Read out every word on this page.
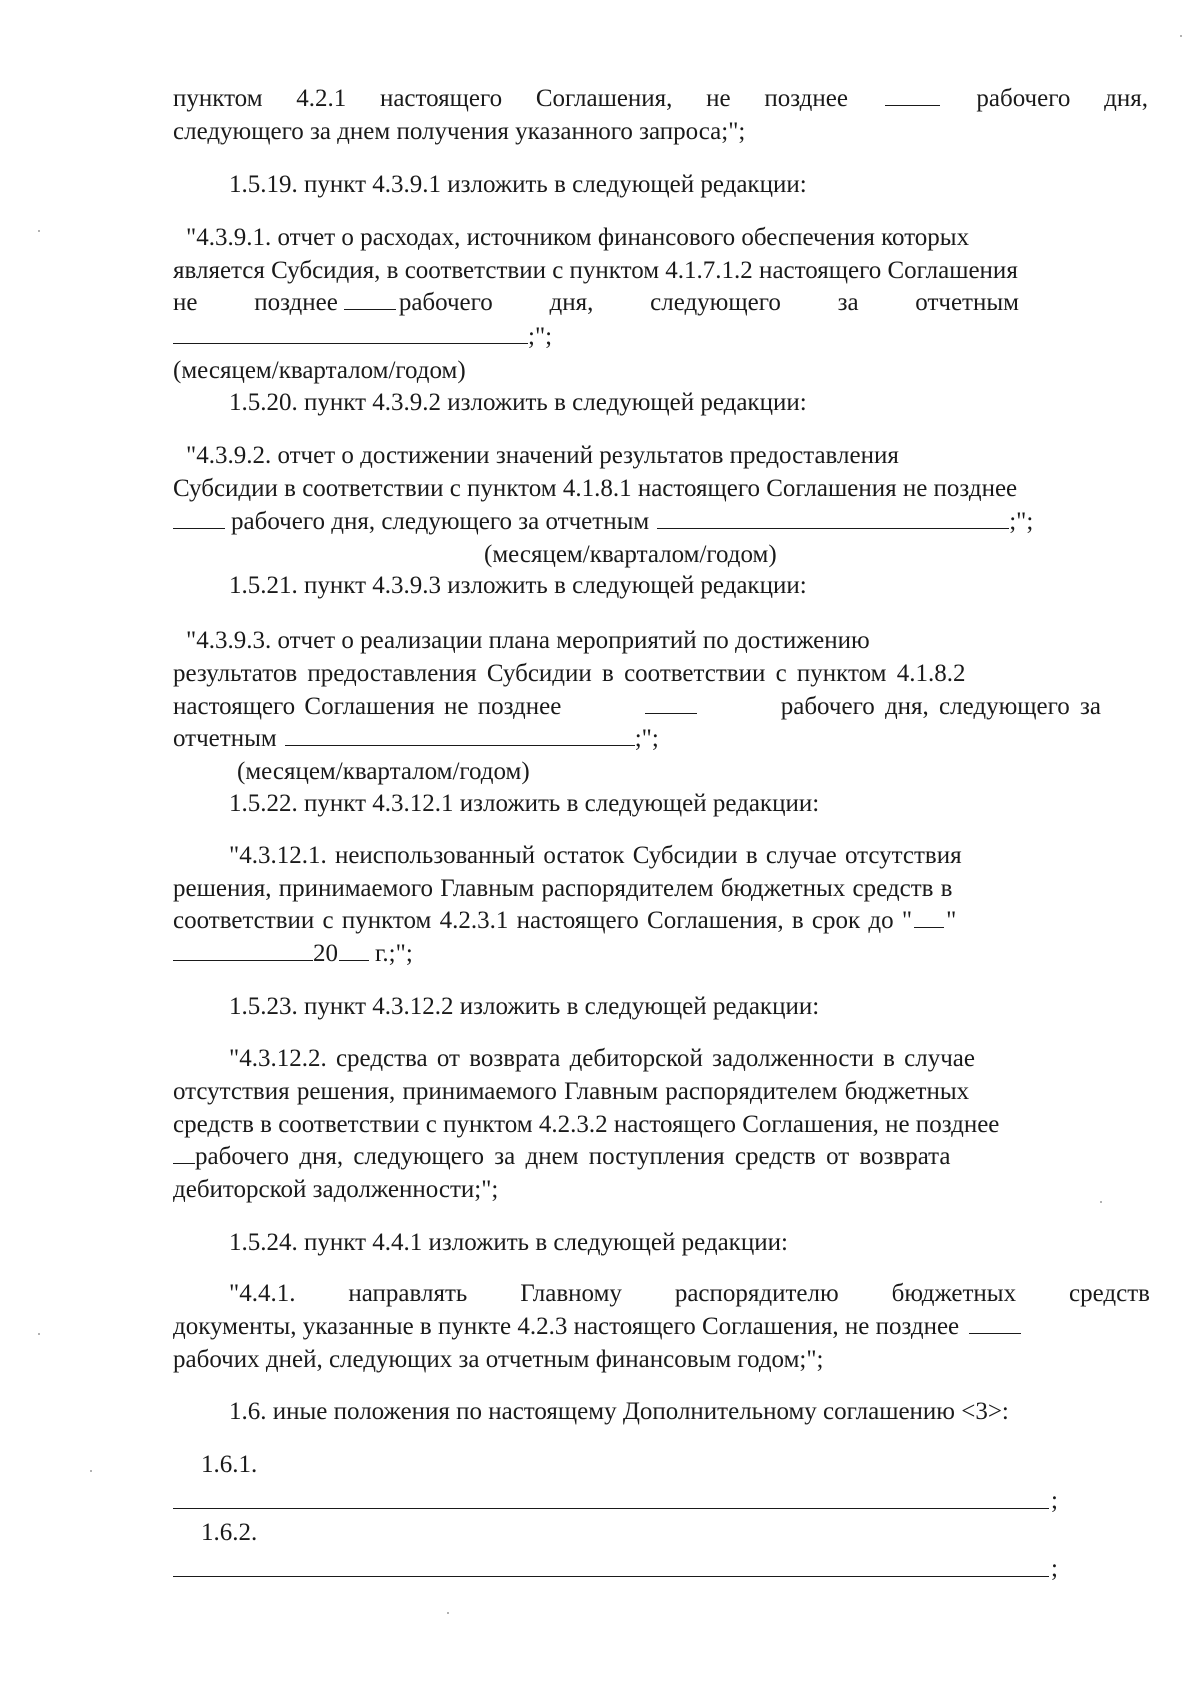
пунктом 4.2.1 настоящего Соглашения, не позднее	рабочего дня,
следующего за днем получения указанного запроса;";
1.5.19. пункт 4.3.9.1 изложить в следующей редакции:
"4.3.9.1. отчет о расходах, источником финансового обеспечения которых
является Субсидия, в соответствии с пунктом 4.1.7.1.2 настоящего Соглашения
не позднее рабочего дня, следующего за отчетным
;";
(месяцем/кварталом/годом)
1.5.20. пункт 4.3.9.2 изложить в следующей редакции:
"4.3.9.2. отчет о достижении значений результатов предоставления
Субсидии в соответствии с пунктом 4.1.8.1 настоящего Соглашения не позднее
рабочего дня, следующего за отчетным	;";
(месяцем/кварталом/годом)
1.5.21. пункт 4.3.9.3 изложить в следующей редакции:
"4.3.9.3. отчет о реализации плана мероприятий по достижению
результатов предоставления Субсидии в соответствии с пунктом 4.1.8.2
настоящего Соглашения не позднее	рабочего дня, следующего за
отчетным	;";
(месяцем/кварталом/годом)
1.5.22. пункт 4.3.12.1 изложить в следующей редакции:
"4.3.12.1. неиспользованный остаток Субсидии в случае отсутствия
решения, принимаемого Главным распорядителем бюджетных средств в
соответствии с пунктом 4.2.3.1 настоящего Соглашения, в срок до " "
20 г.;";
1.5.23. пункт 4.3.12.2 изложить в следующей редакции:
"4.3.12.2. средства от возврата дебиторской задолженности в случае
отсутствия решения, принимаемого Главным распорядителем бюджетных
средств в соответствии с пунктом 4.2.3.2 настоящего Соглашения, не позднее
рабочего дня, следующего за днем поступления средств от возврата
дебиторской задолженности;";
1.5.24. пункт 4.4.1 изложить в следующей редакции:
"4.4.1. направлять Главному распорядителю бюджетных средств
документы, указанные в пункте 4.2.3 настоящего Соглашения, не позднее
рабочих дней, следующих за отчетным финансовым годом;";
1.6. иные положения по настоящему Дополнительному соглашению <3>:
1.6.1.
;
1.6.2.
;
